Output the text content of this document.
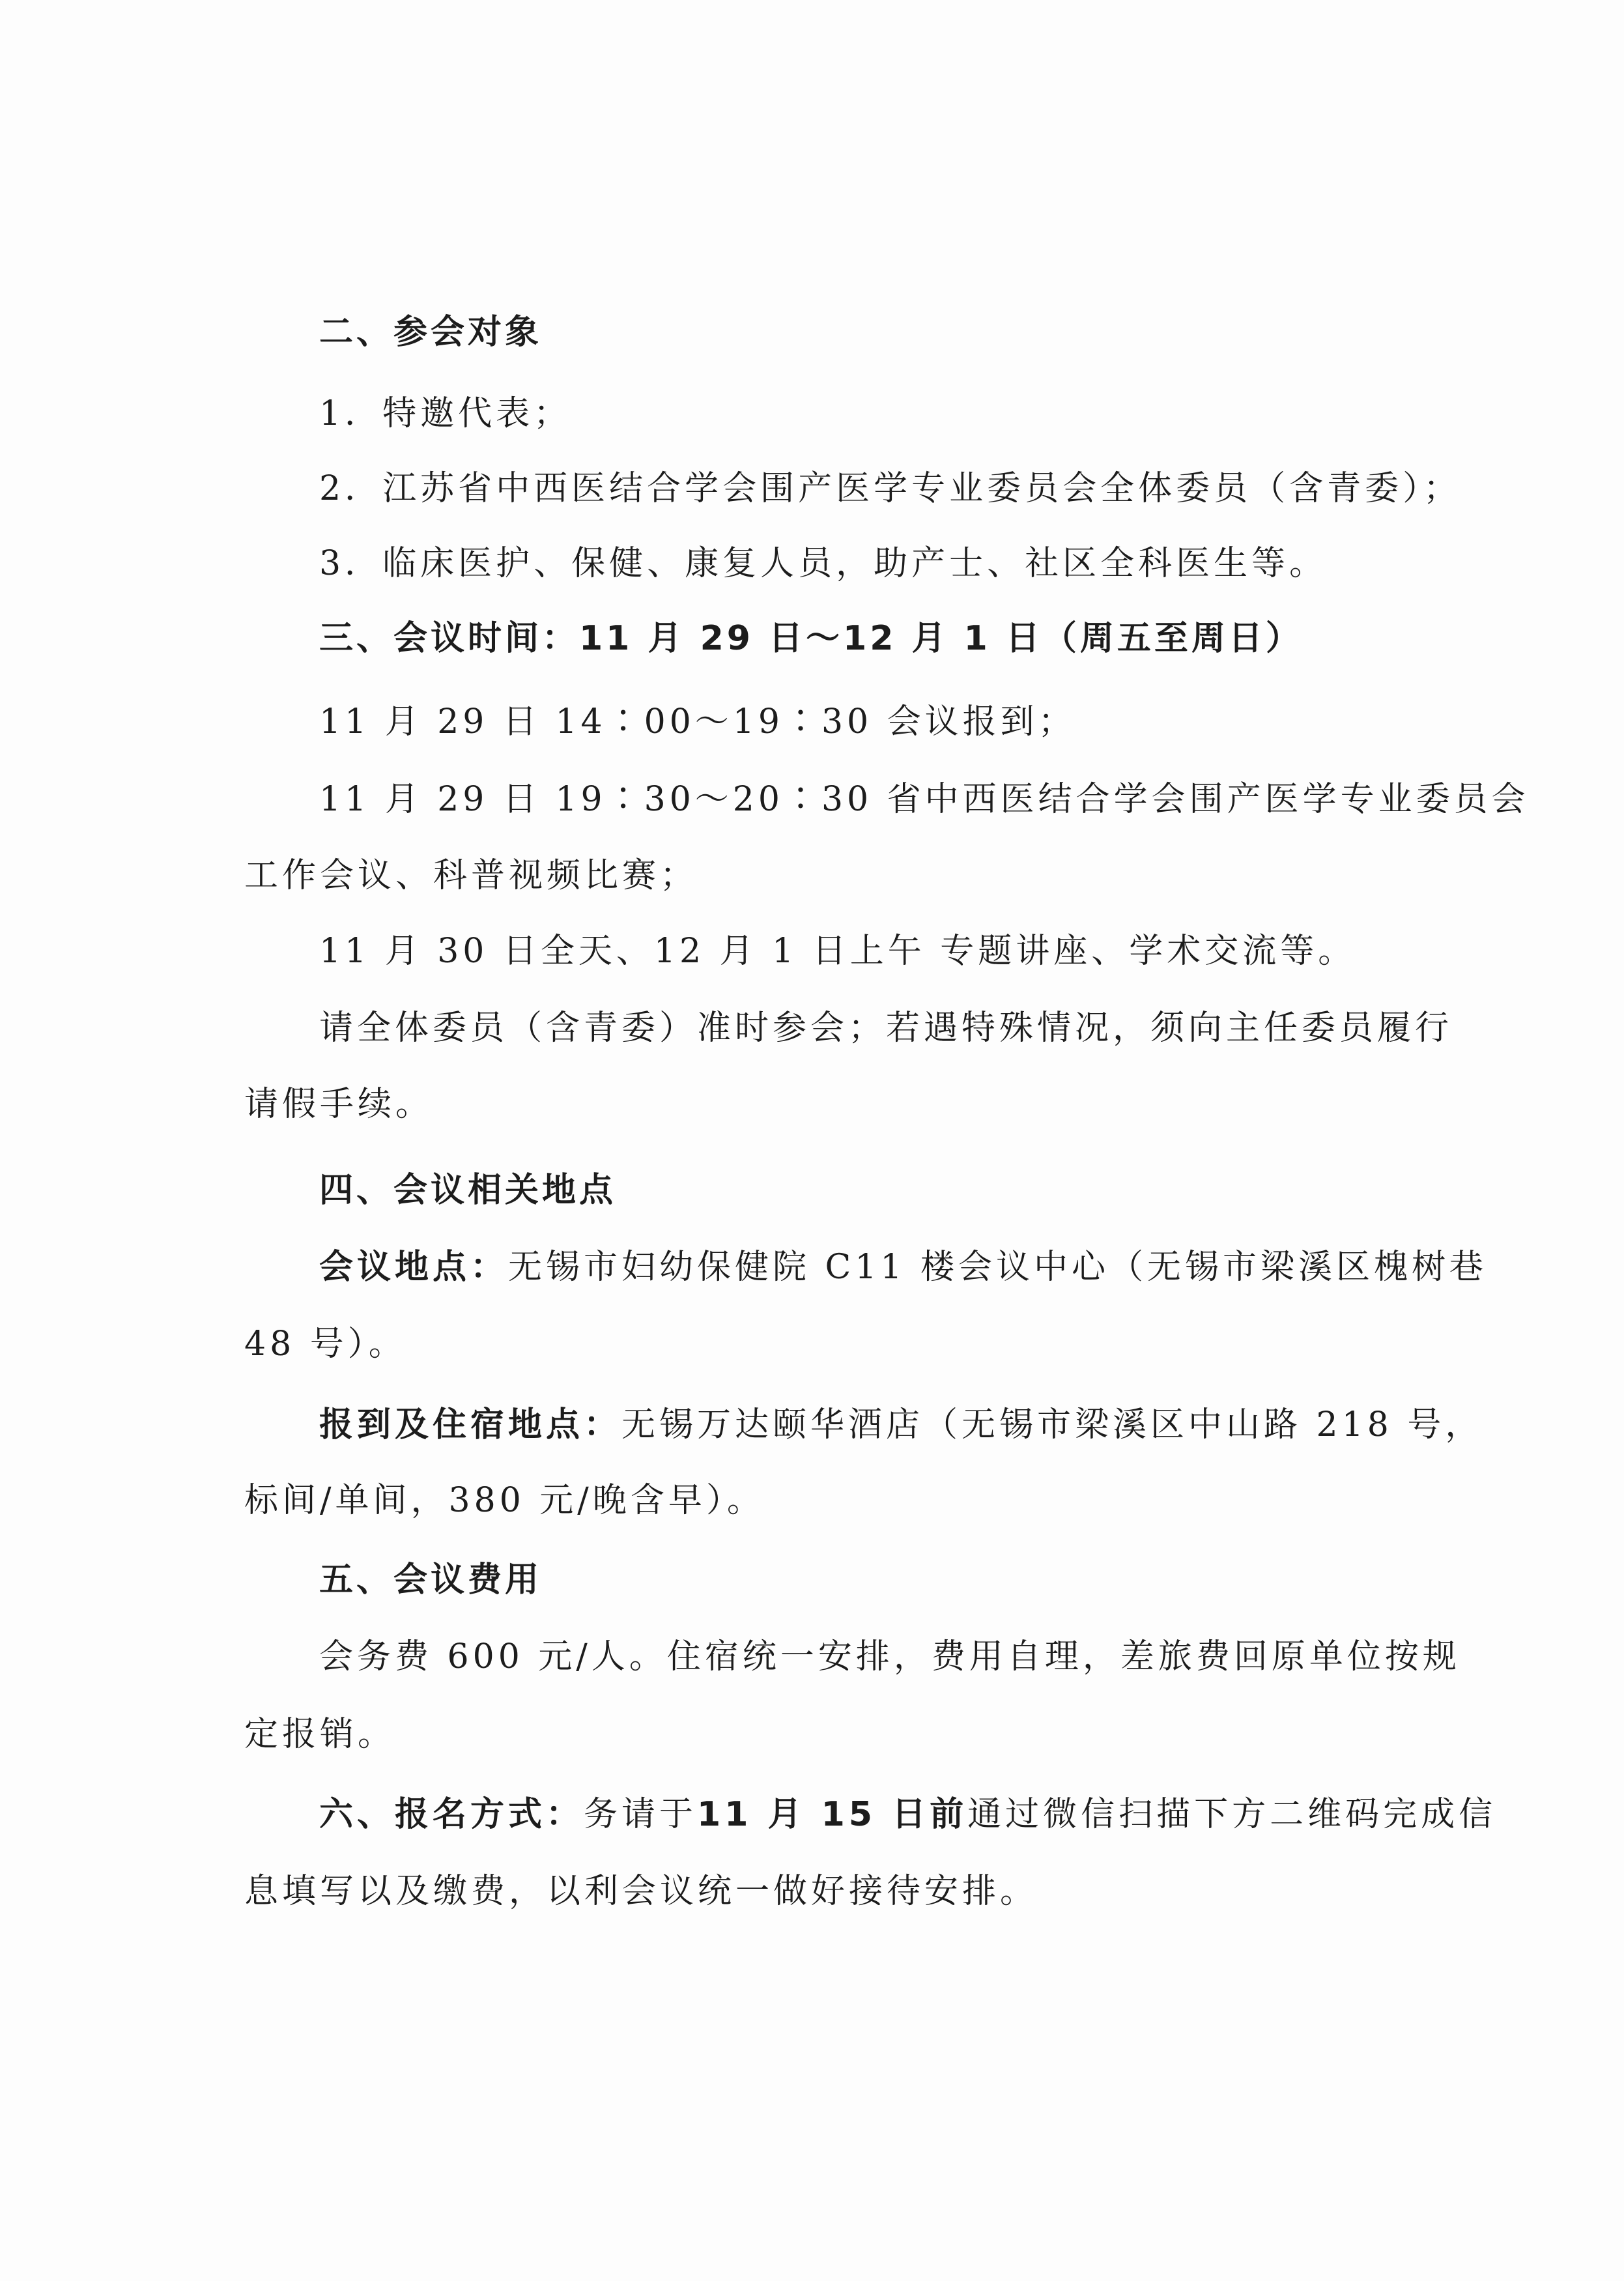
二、参会对象
1．特邀代表；
2．江苏省中西医结合学会围产医学专业委员会全体委员（含青委）；
3．临床医护、保健、康复人员，助产士、社区全科医生等。
三、会议时间：11 月 29 日～12 月 1 日（周五至周日）
11 月 29 日 14∶00～19∶30 会议报到；
11 月 29 日 19∶30～20∶30 省中西医结合学会围产医学专业委员会
工作会议、科普视频比赛；
11 月 30 日全天、12 月 1 日上午 专题讲座、学术交流等。
请全体委员（含青委）准时参会；若遇特殊情况，须向主任委员履行
请假手续。
四、会议相关地点
会议地点：无锡市妇幼保健院 C11 楼会议中心（无锡市梁溪区槐树巷
48 号）。
报到及住宿地点：无锡万达颐华酒店（无锡市梁溪区中山路 218 号，
标间/单间，380 元/晚含早）。
五、会议费用
会务费 600 元/人。住宿统一安排，费用自理，差旅费回原单位按规
定报销。
六、报名方式：务请于11 月 15 日前通过微信扫描下方二维码完成信
息填写以及缴费，以利会议统一做好接待安排。
